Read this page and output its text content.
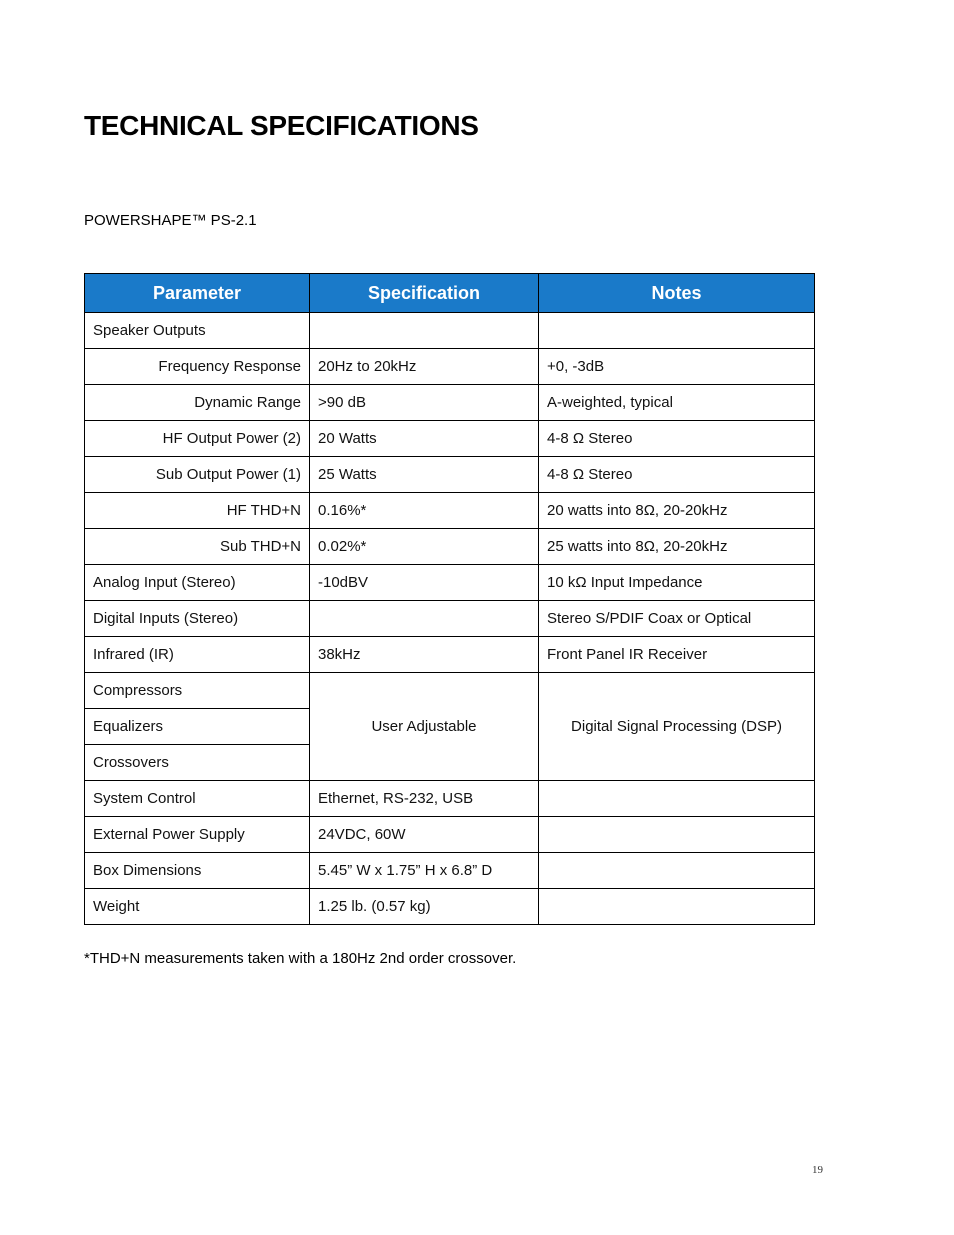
TECHNICAL SPECIFICATIONS
POWERSHAPE™ PS-2.1
Parameter	Specification	Notes
Speaker Outputs		
Frequency Response	20Hz to 20kHz	+0, -3dB
Dynamic Range	>90 dB	A-weighted, typical
HF Output Power (2)	20 Watts	4-8 Ω Stereo
Sub Output Power (1)	25 Watts	4-8 Ω Stereo
HF THD+N	0.16%*	20 watts into 8Ω, 20-20kHz
Sub THD+N	0.02%*	25 watts into 8Ω, 20-20kHz
Analog Input (Stereo)	-10dBV	10 kΩ Input Impedance
Digital Inputs (Stereo)		Stereo S/PDIF Coax or Optical
Infrared (IR)	38kHz	Front Panel IR Receiver
Compressors	User Adjustable	Digital Signal Processing (DSP)
Equalizers		
Crossovers		
System Control	Ethernet, RS-232, USB	
External Power Supply	24VDC, 60W	
Box Dimensions	5.45” W x 1.75” H x 6.8” D	
Weight	1.25 lb. (0.57 kg)	
*THD+N measurements taken with a 180Hz 2nd order crossover.
19
